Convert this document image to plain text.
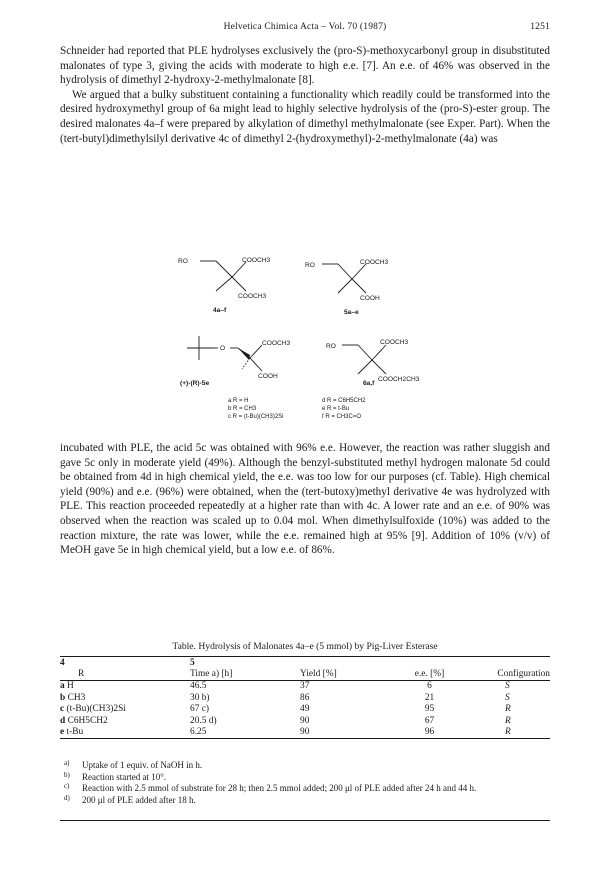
Helvetica Chimica Acta – Vol. 70 (1987)	1251

Schneider had reported that PLE hydrolyses exclusively the (pro-S)-methoxycarbonyl group in disubstituted malonates of type 3, giving the acids with moderate to high e.e. [7]. An e.e. of 46% was observed in the hydrolysis of dimethyl 2-hydroxy-2-methylmalonate [8].

We argued that a bulky substituent containing a functionality which readily could be transformed into the desired hydroxymethyl group of 6a might lead to highly selective hydrolysis of the (pro-S)-ester group. The desired malonates 4a–f were prepared by alkylation of dimethyl methylmalonate (see Exper. Part). When the (tert-butyl)dimethylsilyl derivative 4c of dimethyl 2-(hydroxymethyl)-2-methylmalonate (4a) was

RO	COOCH3
COOCH3
4a–f
RO	COOCH3
COOH
5a–e
O
COOCH3
COOH
(+)-(R)-5e
RO
COOCH3
COOCH2CH3
6a,f
a R = H
b R = CH3
c R = (t-Bu)(CH3)2Si
d R = C6H5CH2
e R = t-Bu
f R = CH3C=O

incubated with PLE, the acid 5c was obtained with 96% e.e. However, the reaction was rather sluggish and gave 5c only in moderate yield (49%). Although the benzyl-substituted methyl hydrogen malonate 5d could be obtained from 4d in high chemical yield, the e.e. was too low for our purposes (cf. Table). High chemical yield (90%) and e.e. (96%) were obtained, when the (tert-butoxy)methyl derivative 4e was hydrolyzed with PLE. This reaction proceeded repeatedly at a higher rate than with 4c. A lower rate and an e.e. of 90% was observed when the reaction was scaled up to 0.04 mol. When dimethylsulfoxide (10%) was added to the reaction mixture, the rate was lower, while the e.e. remained high at 95% [9]. Addition of 10% (v/v) of MeOH gave 5e in high chemical yield, but a low e.e. of 86%.

Table. Hydrolysis of Malonates 4a–e (5 mmol) by Pig-Liver Esterase
4	5			
R	Time a) [h]	Yield [%]	e.e. [%]	Configuration
a H	46.5	37	6	S
b CH3	30 b)	86	21	S
c (t-Bu)(CH3)2Si	67 c)	49	95	R
d C6H5CH2	20.5 d)	90	67	R
e t-Bu	6.25	90	96	R
a) Uptake of 1 equiv. of NaOH in h.
b) Reaction started at 10°.
c) Reaction with 2.5 mmol of substrate for 28 h; then 2.5 mmol added; 200 μl of PLE added after 24 h and 44 h.
d) 200 μl of PLE added after 18 h.
